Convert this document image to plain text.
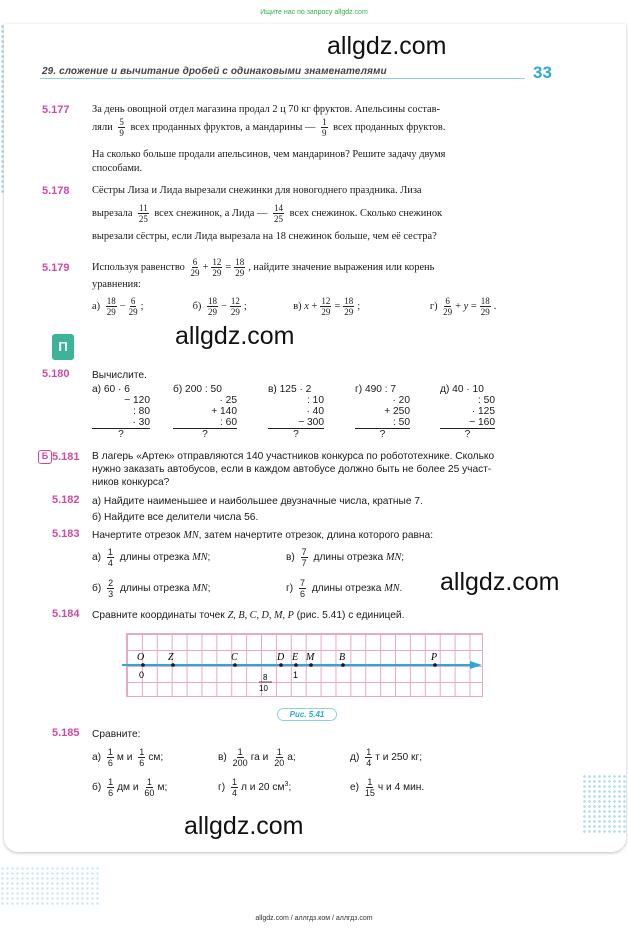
Ищите нас по запросу allgdz.com
allgdz.com
29. сложение и вычитание дробей с одинаковыми знаменателями	33
5.177 За день овощной отдел магазина продал 2 ц 70 кг фруктов. Апельсины состав-
ляли $\frac{5}{9}$ всех проданных фруктов, а мандарины — $\frac{1}{9}$ всех проданных фруктов.
На сколько больше продали апельсинов, чем мандаринов? Решите задачу двумя
способами.
5.178 Сёстры Лиза и Лида вырезали снежинки для новогоднего праздника. Лиза
вырезала $\frac{11}{25}$ всех снежинок, а Лида — $\frac{14}{25}$ всех снежинок. Сколько снежинок
вырезали сёстры, если Лида вырезала на 18 снежинок больше, чем её сестра?
5.179 Используя равенство $\frac{6}{29} + \frac{12}{29} = \frac{18}{29}$ , найдите значение выражения или корень
уравнения:
$а) \frac{18}{29} - \frac{6}{29}$ ;	$б) \frac{18}{29} - \frac{12}{29}$ ;	в) $x + \frac{12}{29} = \frac{18}{29}$ ;	$г) \frac{6}{29} + y = \frac{18}{29}$ .
allgdz.com
П
5.180 Вычислите.
а) 60 · 6
− 120
: 80
· 30
?
б) 200 : 50
· 25
+ 140
: 60
?
в) 125 · 2
: 10
· 40
− 300
?
г) 490 : 7
· 20
+ 250
: 50
?
д) 40 · 10
: 50
· 125
− 160
?
Б 5.181 В лагерь «Артек» отправляются 140 участников конкурса по робототехнике. Сколько
нужно заказать автобусов, если в каждом автобусе должно быть не более 25 участ-
ников конкурса?
5.182 а) Найдите наименьшее и наибольшее двузначные числа, кратные 7.
б) Найдите все делители числа 56.
5.183 Начертите отрезок MN, затем начертите отрезок, длина которого равна:
$а) \frac{1}{4}$ длины отрезка MN;	$в) \frac{7}{7}$ длины отрезка MN;
$б) \frac{2}{3}$ длины отрезка MN;	$г) \frac{7}{6}$ длины отрезка MN. allgdz.com
5.184 Сравните координаты точек Z, B, C, D, M, P (рис. 5.41) с единицей.
O Z	C	D E M B	P
0	1
8
10
Рис. 5.41
5.185 Сравните:
$а) \frac{1}{6}$ м и $\frac{1}{6}$ см;	$в) \frac{1}{200}$ га и $\frac{1}{20} а$;	$д) \frac{1}{4}$ т и 250 кг;
$б) \frac{1}{6}$ дм и $\frac{1}{60} м$;	$г) \frac{1}{4}$ л и 20 $см^3$;	$е) \frac{1}{15}$ ч и 4 мин.
allgdz.com
allgdz.com / аллгдз.ком / аллгдз.com
